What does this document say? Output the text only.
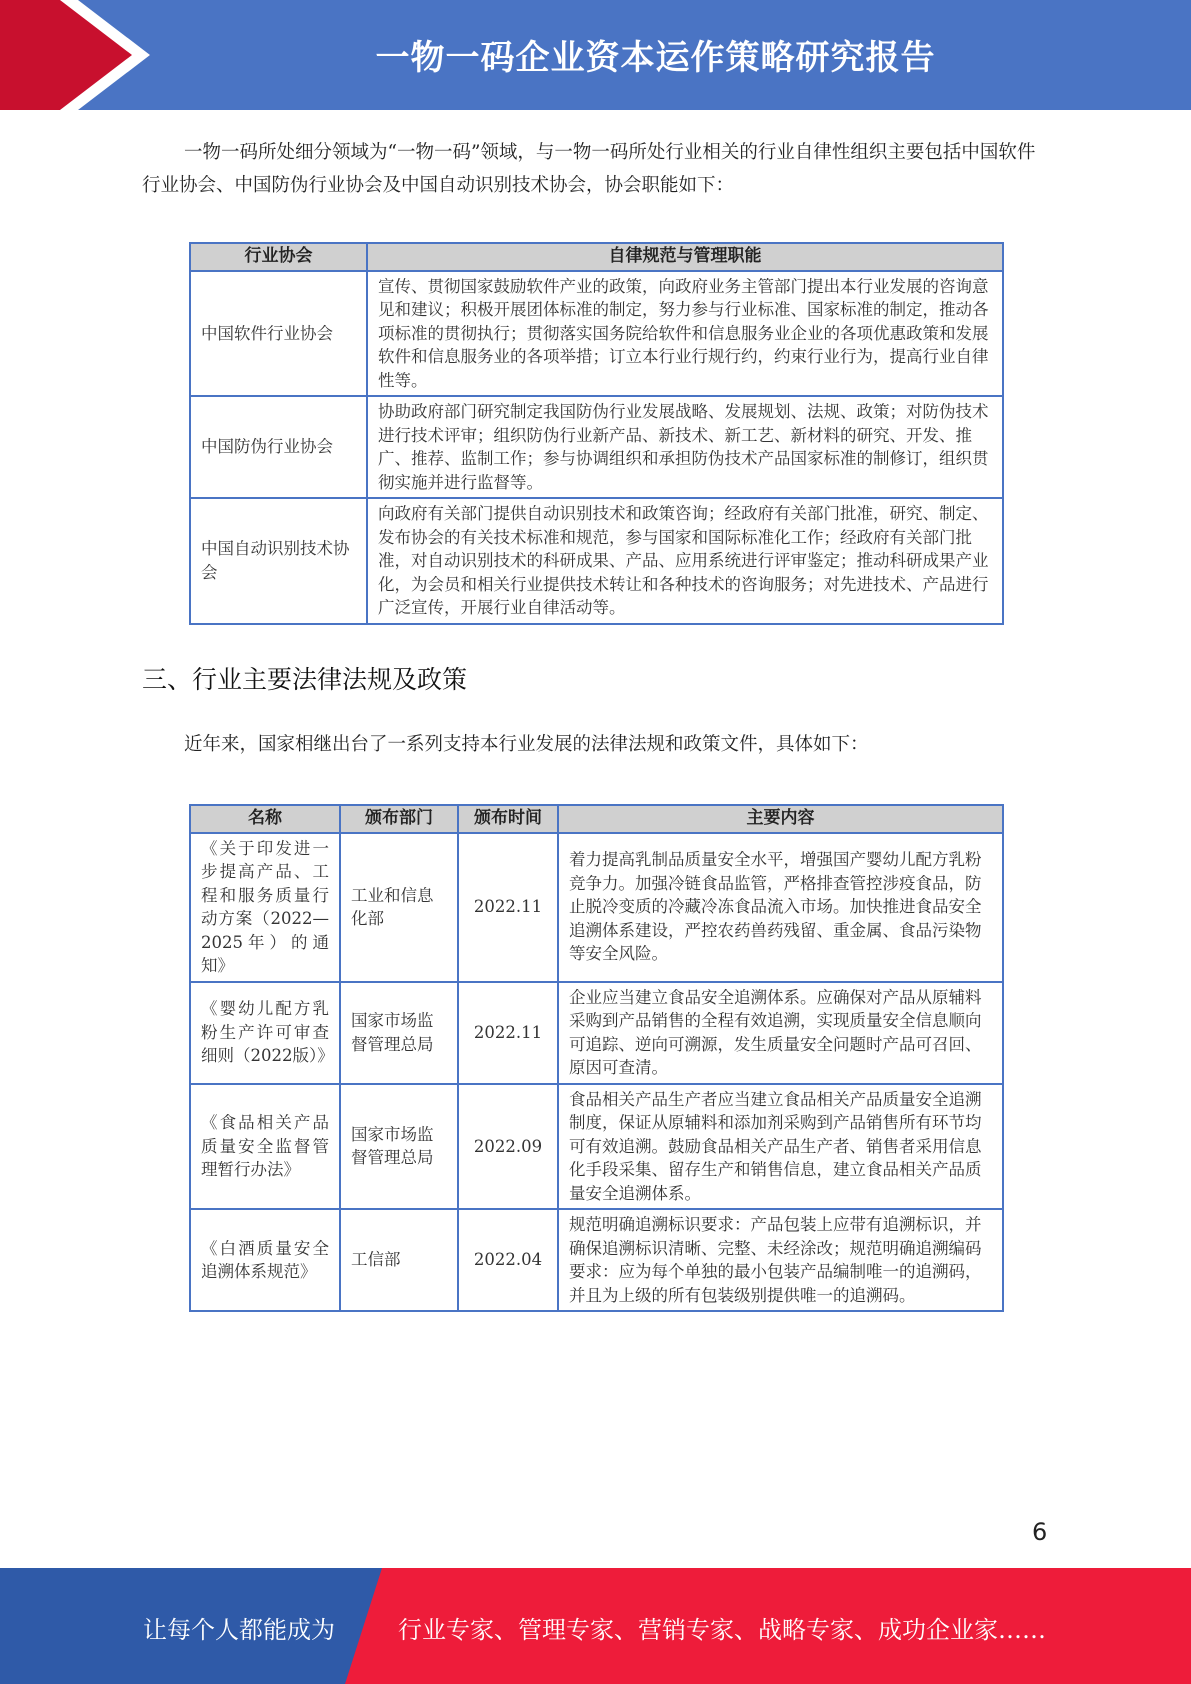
一物一码企业资本运作策略研究报告
一物一码所处细分领域为“一物一码”领域，与一物一码所处行业相关的行业自律性组织主要包括中国软件行业协会、中国防伪行业协会及中国自动识别技术协会，协会职能如下：
行业协会	自律规范与管理职能
中国软件行业协会	宣传、贯彻国家鼓励软件产业的政策，向政府业务主管部门提出本行业发展的咨询意见和建议；积极开展团体标准的制定，努力参与行业标准、国家标准的制定，推动各项标准的贯彻执行；贯彻落实国务院给软件和信息服务业企业的各项优惠政策和发展软件和信息服务业的各项举措；订立本行业行规行约，约束行业行为，提高行业自律性等。
中国防伪行业协会	协助政府部门研究制定我国防伪行业发展战略、发展规划、法规、政策；对防伪技术进行技术评审；组织防伪行业新产品、新技术、新工艺、新材料的研究、开发、推广、推荐、监制工作；参与协调组织和承担防伪技术产品国家标准的制修订，组织贯彻实施并进行监督等。
中国自动识别技术协会	向政府有关部门提供自动识别技术和政策咨询；经政府有关部门批准，研究、制定、发布协会的有关技术标准和规范，参与国家和国际标准化工作；经政府有关部门批准，对自动识别技术的科研成果、产品、应用系统进行评审鉴定；推动科研成果产业化，为会员和相关行业提供技术转让和各种技术的咨询服务；对先进技术、产品进行广泛宣传，开展行业自律活动等。
三、行业主要法律法规及政策
近年来，国家相继出台了一系列支持本行业发展的法律法规和政策文件，具体如下：
名称	颁布部门	颁布时间	主要内容
《关于印发进一步提高产品、工程和服务质量行动方案（2022—2025年）的通知》	工业和信息化部	2022.11	着力提高乳制品质量安全水平，增强国产婴幼儿配方乳粉竞争力。加强冷链食品监管，严格排查管控涉疫食品，防止脱冷变质的冷藏冷冻食品流入市场。加快推进食品安全追溯体系建设，严控农药兽药残留、重金属、食品污染物等安全风险。
《婴幼儿配方乳粉生产许可审查细则（2022版）》	国家市场监督管理总局	2022.11	企业应当建立食品安全追溯体系。应确保对产品从原辅料采购到产品销售的全程有效追溯，实现质量安全信息顺向可追踪、逆向可溯源，发生质量安全问题时产品可召回、原因可查清。
《食品相关产品质量安全监督管理暂行办法》	国家市场监督管理总局	2022.09	食品相关产品生产者应当建立食品相关产品质量安全追溯制度，保证从原辅料和添加剂采购到产品销售所有环节均可有效追溯。鼓励食品相关产品生产者、销售者采用信息化手段采集、留存生产和销售信息，建立食品相关产品质量安全追溯体系。
《白酒质量安全追溯体系规范》	工信部	2022.04	规范明确追溯标识要求：产品包装上应带有追溯标识，并确保追溯标识清晰、完整、未经涂改；规范明确追溯编码要求：应为每个单独的最小包装产品编制唯一的追溯码，并且为上级的所有包装级别提供唯一的追溯码。
6
让每个人都能成为	行业专家、管理专家、营销专家、战略专家、成功企业家……
